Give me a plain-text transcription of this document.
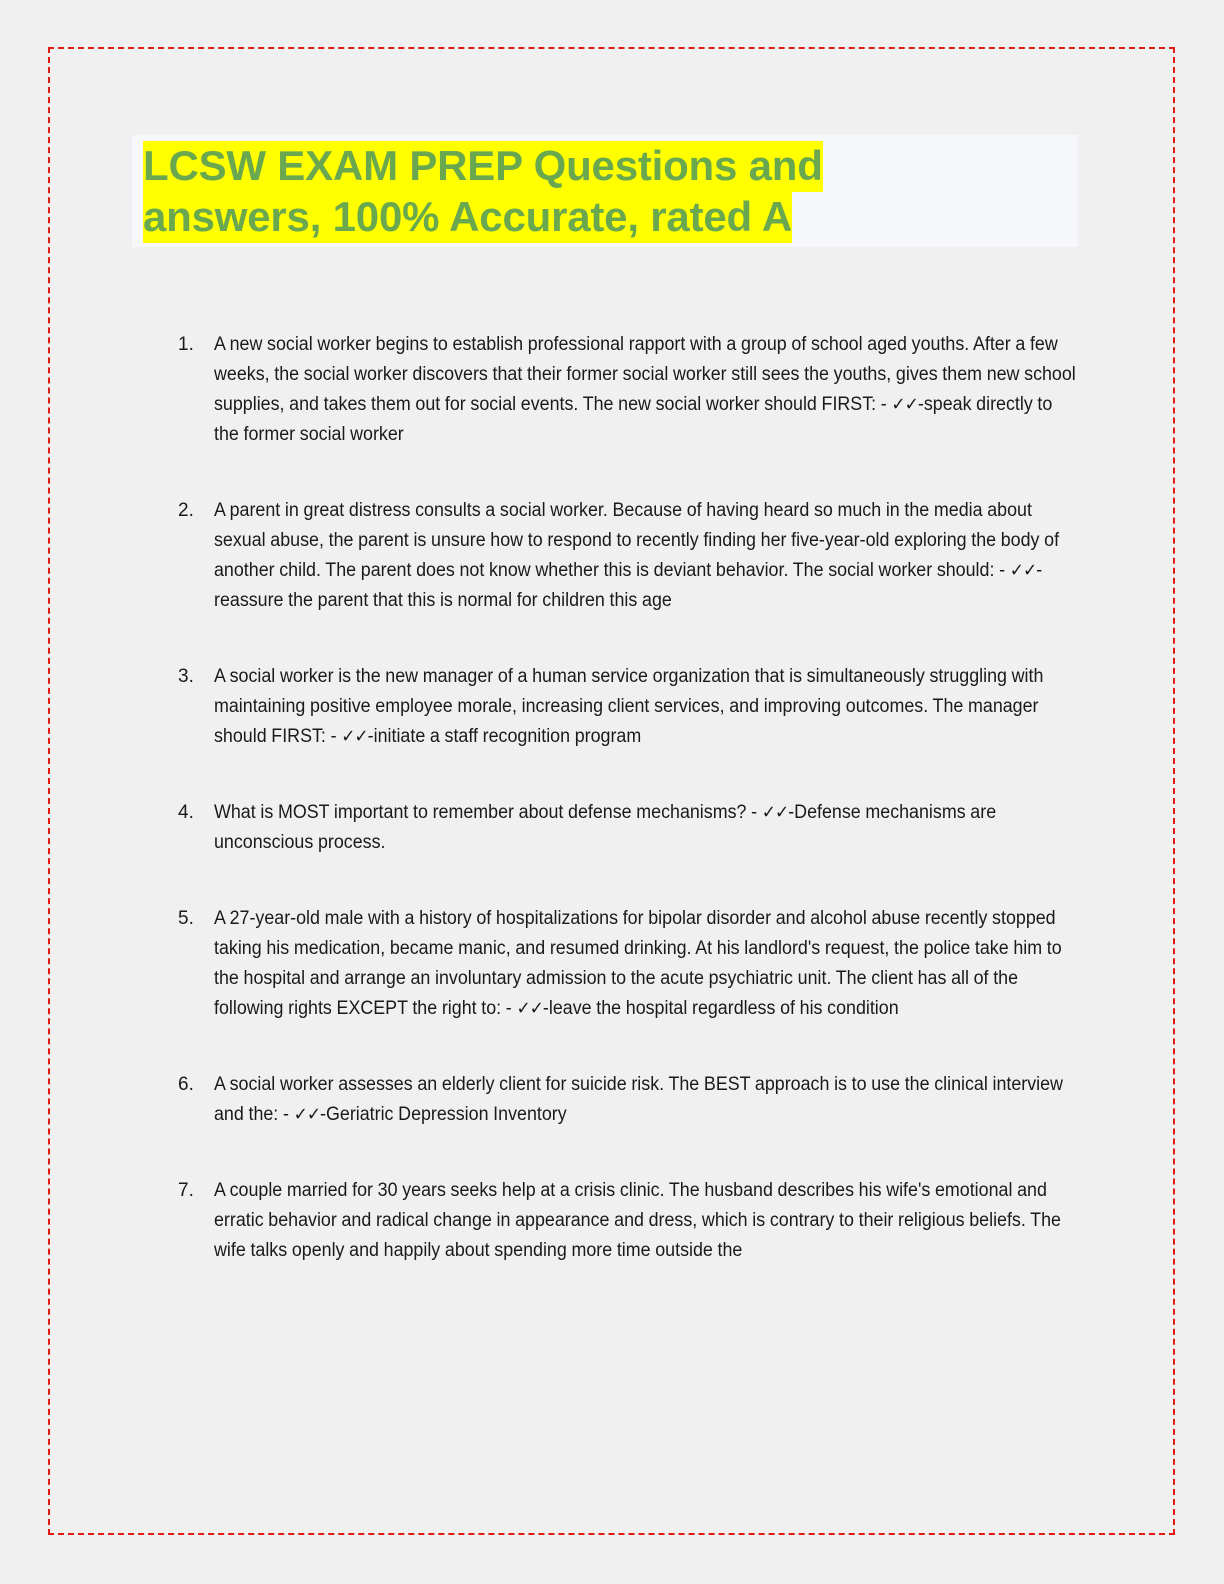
LCSW EXAM PREP Questions and
answers, 100% Accurate, rated A
1.	A new social worker begins to establish professional rapport with a group of school aged youths. After a few weeks, the social worker discovers that their former social worker still sees the youths, gives them new school supplies, and takes them out for social events. The new social worker should FIRST: - ✓✓-speak directly to the former social worker
2.	A parent in great distress consults a social worker. Because of having heard so much in the media about sexual abuse, the parent is unsure how to respond to recently finding her five-year-old exploring the body of another child. The parent does not know whether this is deviant behavior. The social worker should: - ✓✓-reassure the parent that this is normal for children this age
3.	A social worker is the new manager of a human service organization that is simultaneously struggling with maintaining positive employee morale, increasing client services, and improving outcomes. The manager should FIRST: - ✓✓-initiate a staff recognition program
4.	What is MOST important to remember about defense mechanisms? - ✓✓-Defense mechanisms are unconscious process.
5.	A 27-year-old male with a history of hospitalizations for bipolar disorder and alcohol abuse recently stopped taking his medication, became manic, and resumed drinking. At his landlord's request, the police take him to the hospital and arrange an involuntary admission to the acute psychiatric unit. The client has all of the following rights EXCEPT the right to: - ✓✓-leave the hospital regardless of his condition
6.	A social worker assesses an elderly client for suicide risk. The BEST approach is to use the clinical interview and the: - ✓✓-Geriatric Depression Inventory
7.	A couple married for 30 years seeks help at a crisis clinic. The husband describes his wife's emotional and erratic behavior and radical change in appearance and dress, which is contrary to their religious beliefs. The wife talks openly and happily about spending more time outside the
